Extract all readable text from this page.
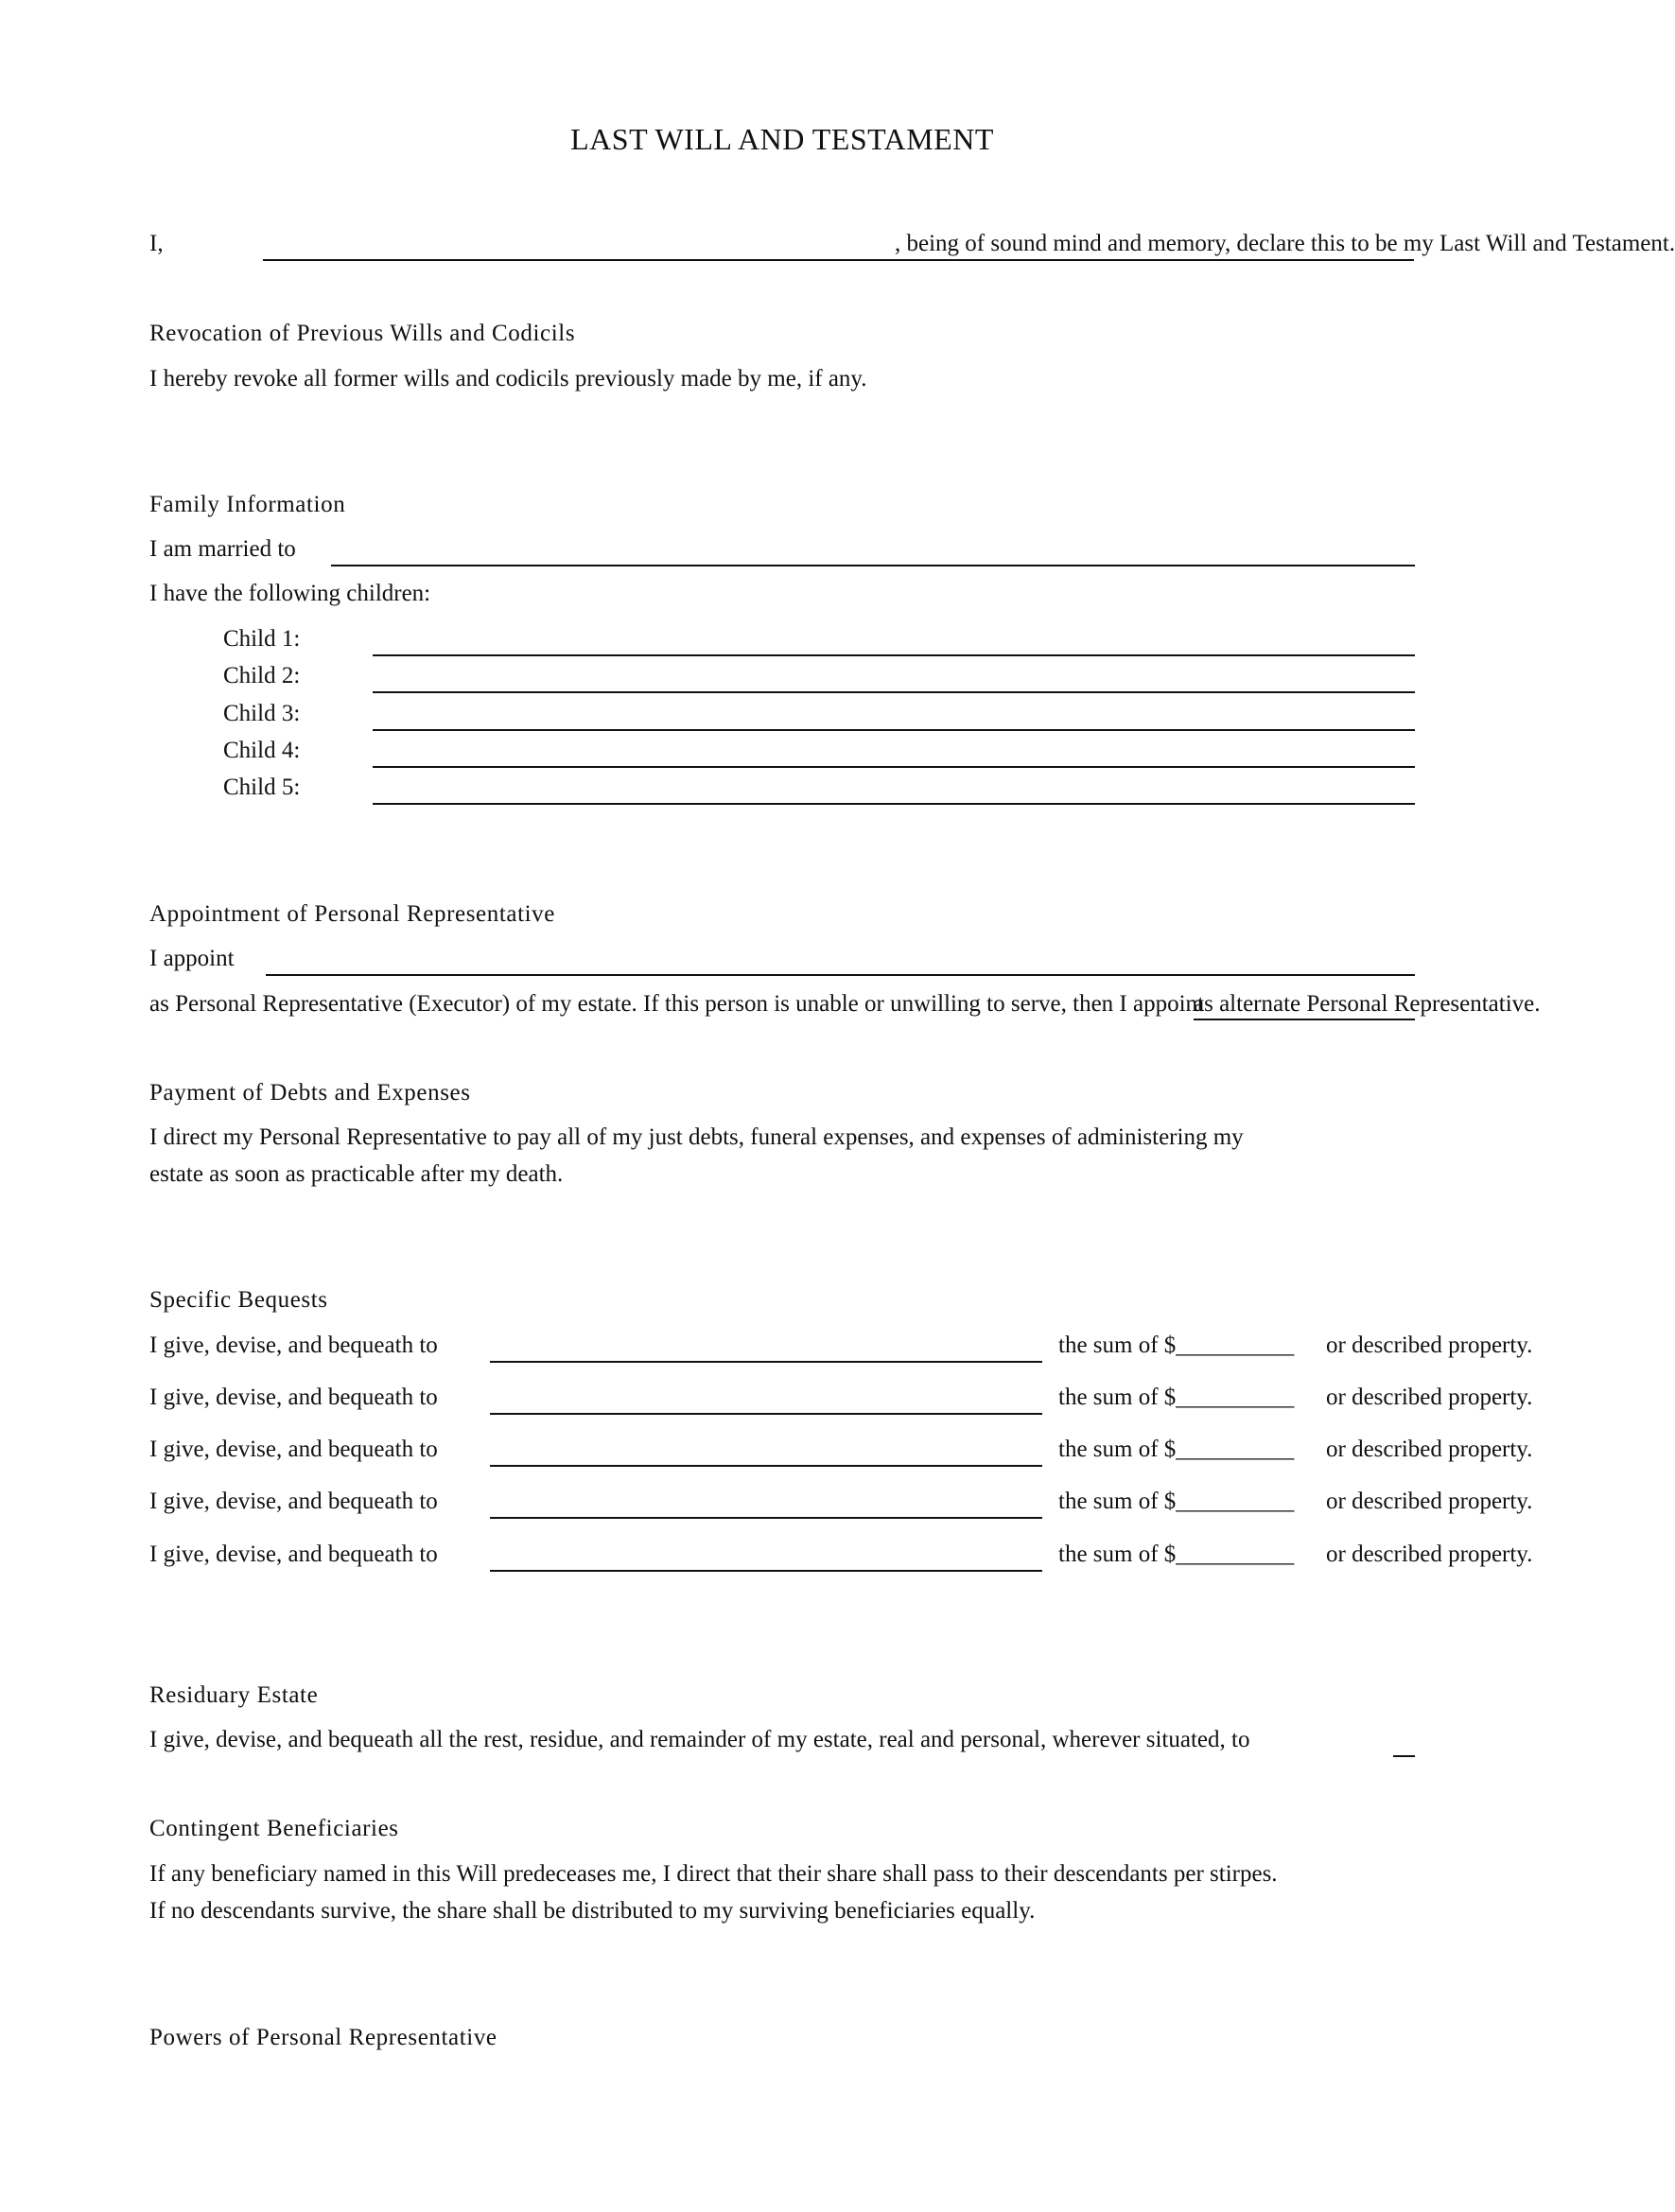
LAST WILL AND TESTAMENT
I,	, being of sound mind and memory, declare this to be my Last Will and Testament.
Revocation of Previous Wills and Codicils
I hereby revoke all former wills and codicils previously made by me, if any.
Family Information
I am married to
I have the following children:
Child 1:
Child 2:
Child 3:
Child 4:
Child 5:
Appointment of Personal Representative
I appoint
as Personal Representative (Executor) of my estate. If this person is unable or unwilling to serve, then I appoint
as alternate Personal Representative.
Payment of Debts and Expenses
I direct my Personal Representative to pay all of my just debts, funeral expenses, and expenses of administering my
estate as soon as practicable after my death.
Specific Bequests
I give, devise, and bequeath to	the sum of $__________ or described property.
I give, devise, and bequeath to	the sum of $__________ or described property.
I give, devise, and bequeath to	the sum of $__________ or described property.
I give, devise, and bequeath to	the sum of $__________ or described property.
I give, devise, and bequeath to	the sum of $__________ or described property.
Residuary Estate
I give, devise, and bequeath all the rest, residue, and remainder of my estate, real and personal, wherever situated, to
Contingent Beneficiaries
If any beneficiary named in this Will predeceases me, I direct that their share shall pass to their descendants per stirpes.
If no descendants survive, the share shall be distributed to my surviving beneficiaries equally.
Powers of Personal Representative
